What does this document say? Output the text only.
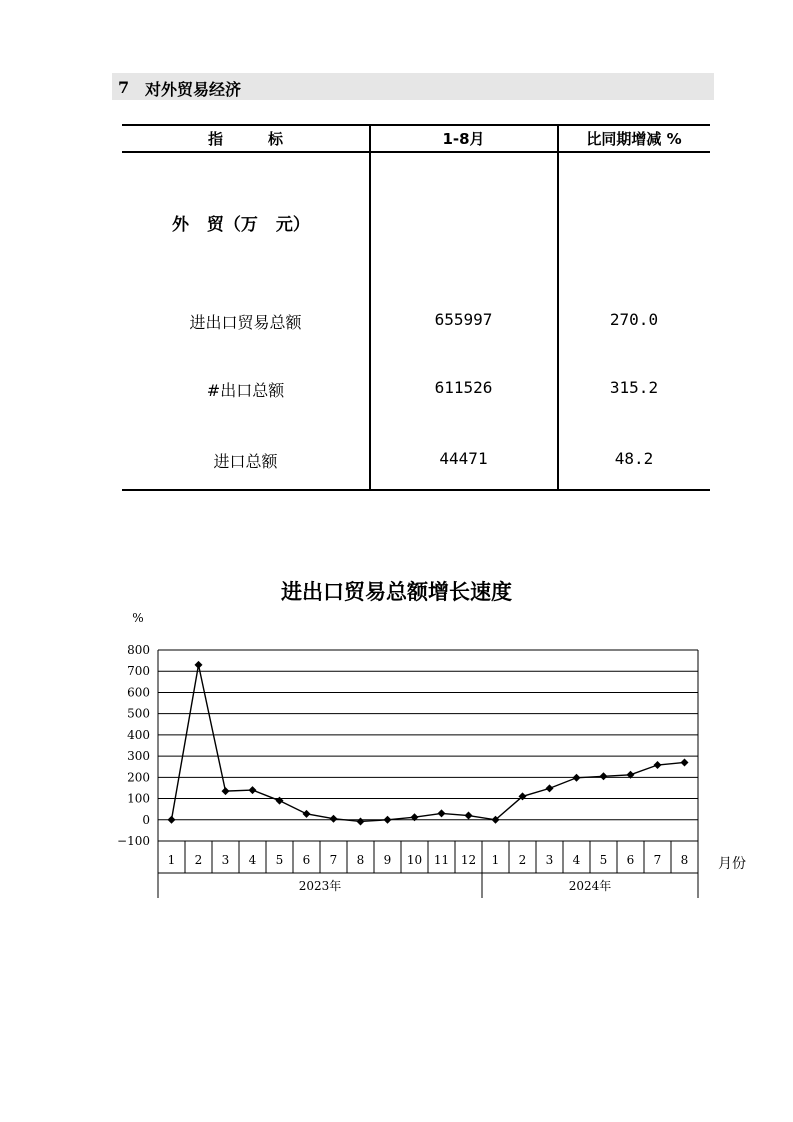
7 对外贸易经济
指　　　标	1-8月	比同期增减 %
外 贸（万 元）
进出口贸易总额	655997	270.0
#出口总额	611526	315.2
进口总额	44471	48.2
进出口贸易总额增长速度
800
700
600
500
400
300
200
100
0
−100
%
1 2 3 4 5 6 7 8 9 10 11 12 1 2 3 4 5 6 7 8
2023年	2024年
月份
